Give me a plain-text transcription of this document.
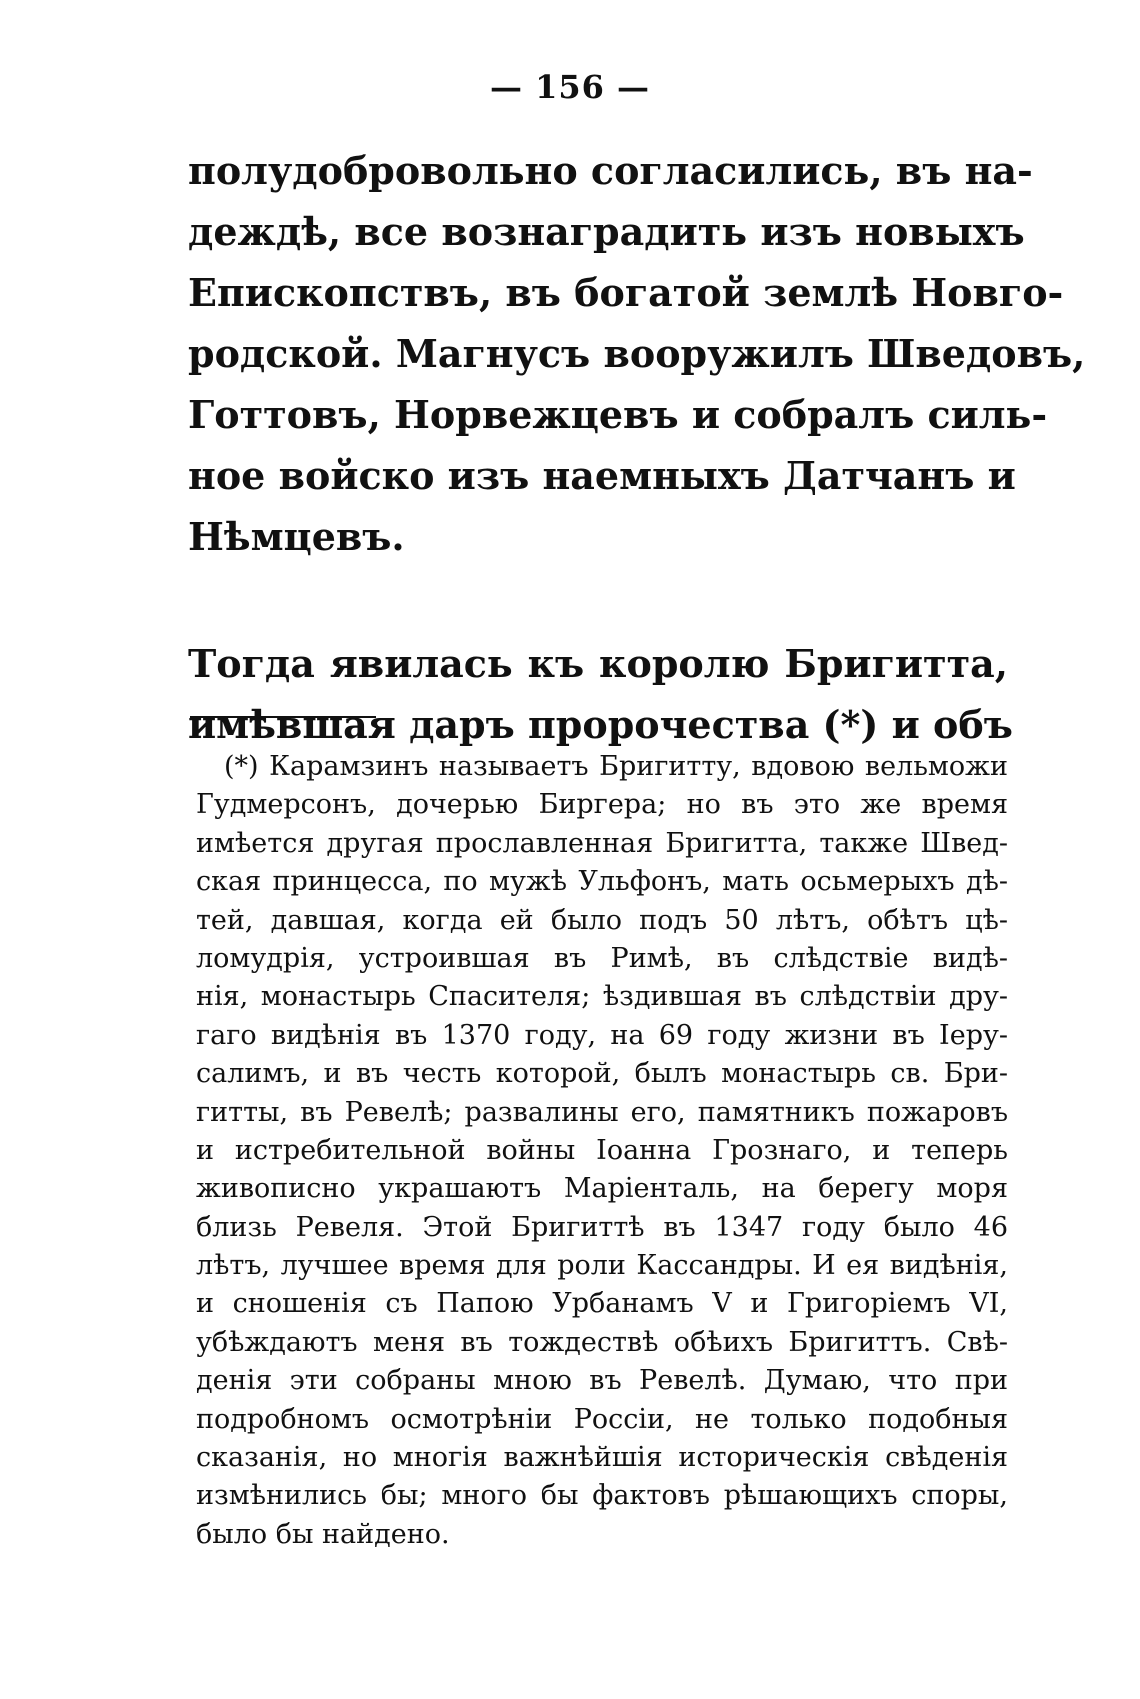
— 156 —
полудобровольно согласились, въ на-
деждѣ, все вознаградить изъ новыхъ
Епископствъ, въ богатой землѣ Новго-
родской. Магнусъ вооружилъ Шведовъ,
Готтовъ, Норвежцевъ и собралъ силь-
ное войско изъ наемныхъ Датчанъ и
Нѣмцевъ.
Тогда явилась къ королю Бригитта,
имѣвшая даръ пророчества (*) и объ
(*) Карамзинъ называетъ Бригитту, вдовою вельможи
Гудмерсонъ, дочерью Биргера; но въ это же время
имѣется другая прославленная Бригитта, также Швед-
ская принцесса, по мужѣ Ульфонъ, мать осьмерыхъ дѣ-
тей, давшая, когда ей было подъ 50 лѣтъ, обѣтъ цѣ-
ломудрія, устроившая въ Римѣ, въ слѣдствіе видѣ-
нія, монастырь Спасителя; ѣздившая въ слѣдствіи дру-
гаго видѣнія въ 1370 году, на 69 году жизни въ Іеру-
салимъ, и въ честь которой, былъ монастырь св. Бри-
гитты, въ Ревелѣ; развалины его, памятникъ пожаровъ
и истребительной войны Іоанна Грознаго, и теперь
живописно украшаютъ Маріенталь, на берегу моря
близь Ревеля. Этой Бригиттѣ въ 1347 году было 46
лѣтъ, лучшее время для роли Кассандры. И ея видѣнія,
и сношенія съ Папою Урбанамъ V и Григоріемъ VI,
убѣждаютъ меня въ тождествѣ обѣихъ Бригиттъ. Свѣ-
денія эти собраны мною въ Ревелѣ. Думаю, что при
подробномъ осмотрѣніи Россіи, не только подобныя
сказанія, но многія важнѣйшія историческія свѣденія
измѣнились бы; много бы фактовъ рѣшающихъ споры,
было бы найдено.
